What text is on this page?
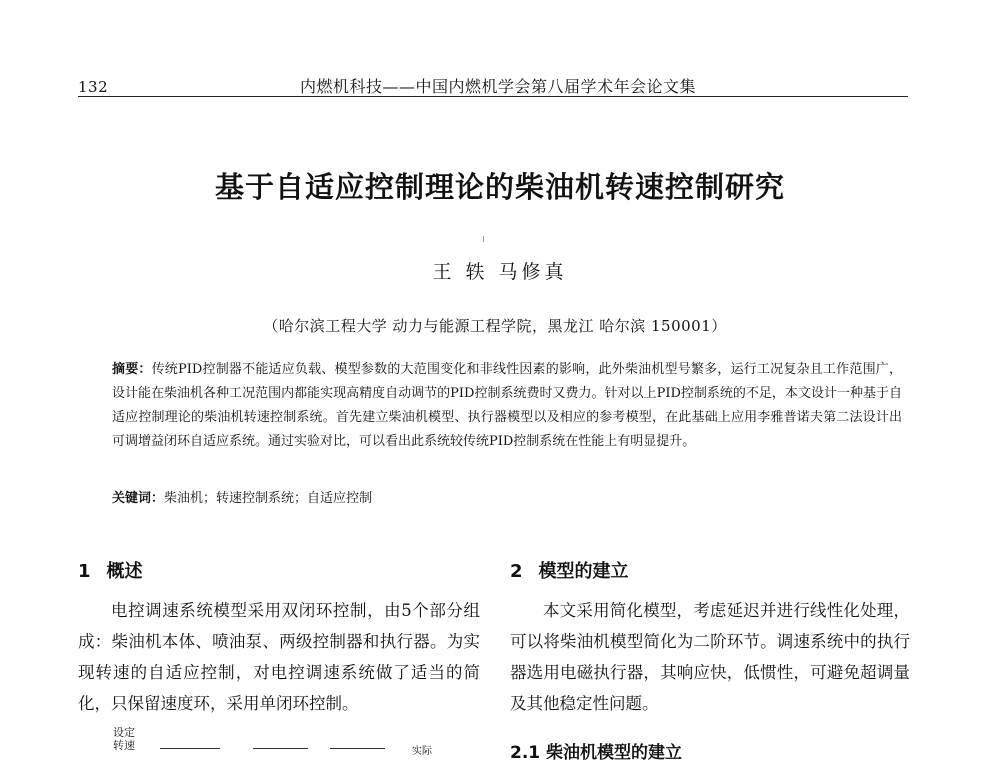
132	内燃机科技——中国内燃机学会第八届学术年会论文集
基于自适应控制理论的柴油机转速控制研究
王 轶 马修真
（哈尔滨工程大学 动力与能源工程学院，黑龙江 哈尔滨 150001）
摘要：传统PID控制器不能适应负载、模型参数的大范围变化和非线性因素的影响，此外柴油机型号繁多，运行工况复杂且工作范围广，设计能在柴油机各种工况范围内都能实现高精度自动调节的PID控制系统费时又费力。针对以上PID控制系统的不足，本文设计一种基于自适应控制理论的柴油机转速控制系统。首先建立柴油机模型、执行器模型以及相应的参考模型，在此基础上应用李雅普诺夫第二法设计出可调增益闭环自适应系统。通过实验对比，可以看出此系统较传统PID控制系统在性能上有明显提升。
关键词：柴油机；转速控制系统；自适应控制
1 概述

电控调速系统模型采用双闭环控制，由5个部分组成：柴油机本体、喷油泵、两级控制器和执行器。为实现转速的自适应控制，对电控调速系统做了适当的简化，只保留速度环，采用单闭环控制。

2 模型的建立

本文采用简化模型，考虑延迟并进行线性化处理，可以将柴油机模型简化为二阶环节。调速系统中的执行器选用电磁执行器，其响应快，低惯性，可避免超调量及其他稳定性问题。

设定
转速	实际	2.1 柴油机模型的建立
